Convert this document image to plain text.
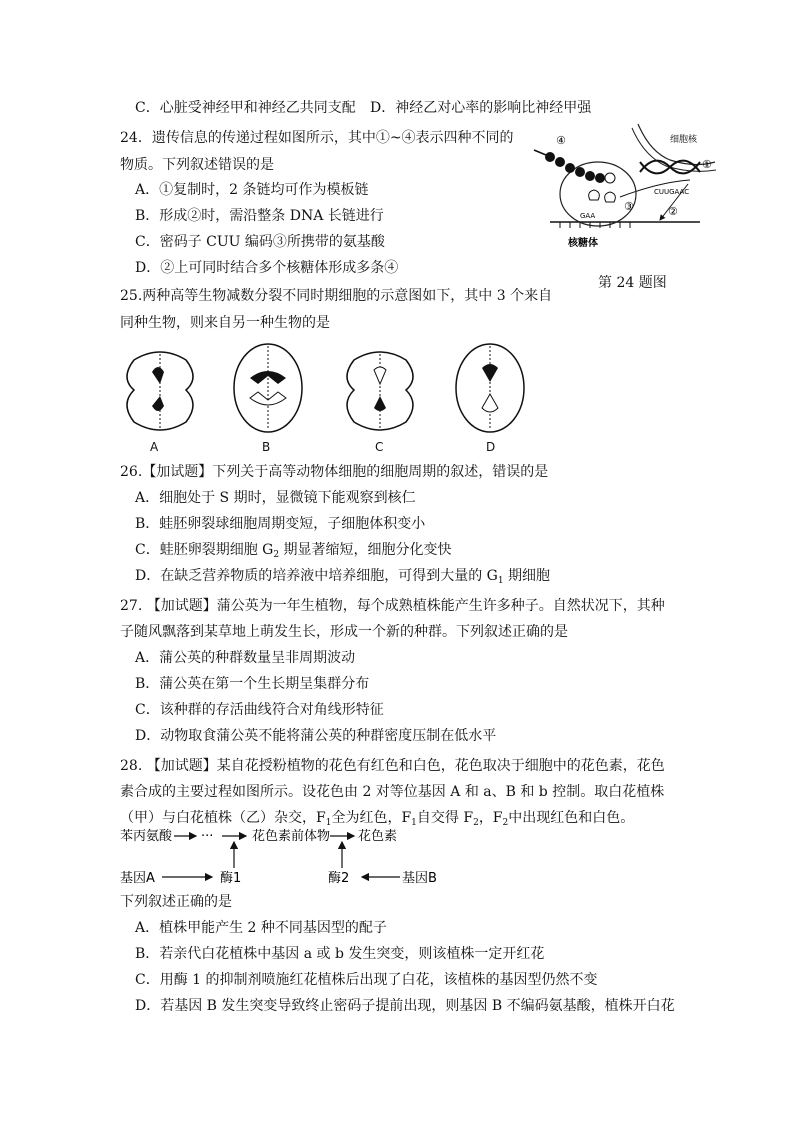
C．心脏受神经甲和神经乙共同支配 D．神经乙对心率的影响比神经甲强
24．遗传信息的传递过程如图所示，其中①~④表示四种不同的
物质。下列叙述错误的是
A．①复制时，2 条链均可作为模板链
B．形成②时，需沿整条 DNA 长链进行
C．密码子 CUU 编码③所携带的氨基酸
D．②上可同时结合多个核糖体形成多条④
细胞核
①
CUUGAAC
②
④
GAA
③
核糖体
第 24 题图
25.两种高等生物减数分裂不同时期细胞的示意图如下，其中 3 个来自
同种生物，则来自另一种生物的是
A	B	C	D
26.【加试题】下列关于高等动物体细胞的细胞周期的叙述，错误的是
A．细胞处于 S 期时，显微镜下能观察到核仁
B．蛙胚卵裂球细胞周期变短，子细胞体积变小
C．蛙胚卵裂期细胞 $G_2$ 期显著缩短，细胞分化变快
D．在缺乏营养物质的培养液中培养细胞，可得到大量的 $G_1$ 期细胞
27. 【加试题】蒲公英为一年生植物，每个成熟植株能产生许多种子。自然状况下，其种
子随风飘落到某草地上萌发生长，形成一个新的种群。下列叙述正确的是
A．蒲公英的种群数量呈非周期波动
B．蒲公英在第一个生长期呈集群分布
C．该种群的存活曲线符合对角线形特征
D．动物取食蒲公英不能将蒲公英的种群密度压制在低水平
28. 【加试题】某自花授粉植物的花色有红色和白色，花色取决于细胞中的花色素，花色
素合成的主要过程如图所示。设花色由 2 对等位基因 A 和 a、B 和 b 控制。取白花植株
（甲）与白花植株（乙）杂交，$F_1$全为红色，$F_1$自交得 $F_2$，$F_2$中出现红色和白色。
苯丙氨酸 ···	花色素前体物 花色素
基因A	酶1	酶2	基因B
下列叙述正确的是
A．植株甲能产生 2 种不同基因型的配子
B．若亲代白花植株中基因 a 或 b 发生突变，则该植株一定开红花
C．用酶 1 的抑制剂喷施红花植株后出现了白花，该植株的基因型仍然不变
D．若基因 B 发生突变导致终止密码子提前出现，则基因 B 不编码氨基酸，植株开白花
